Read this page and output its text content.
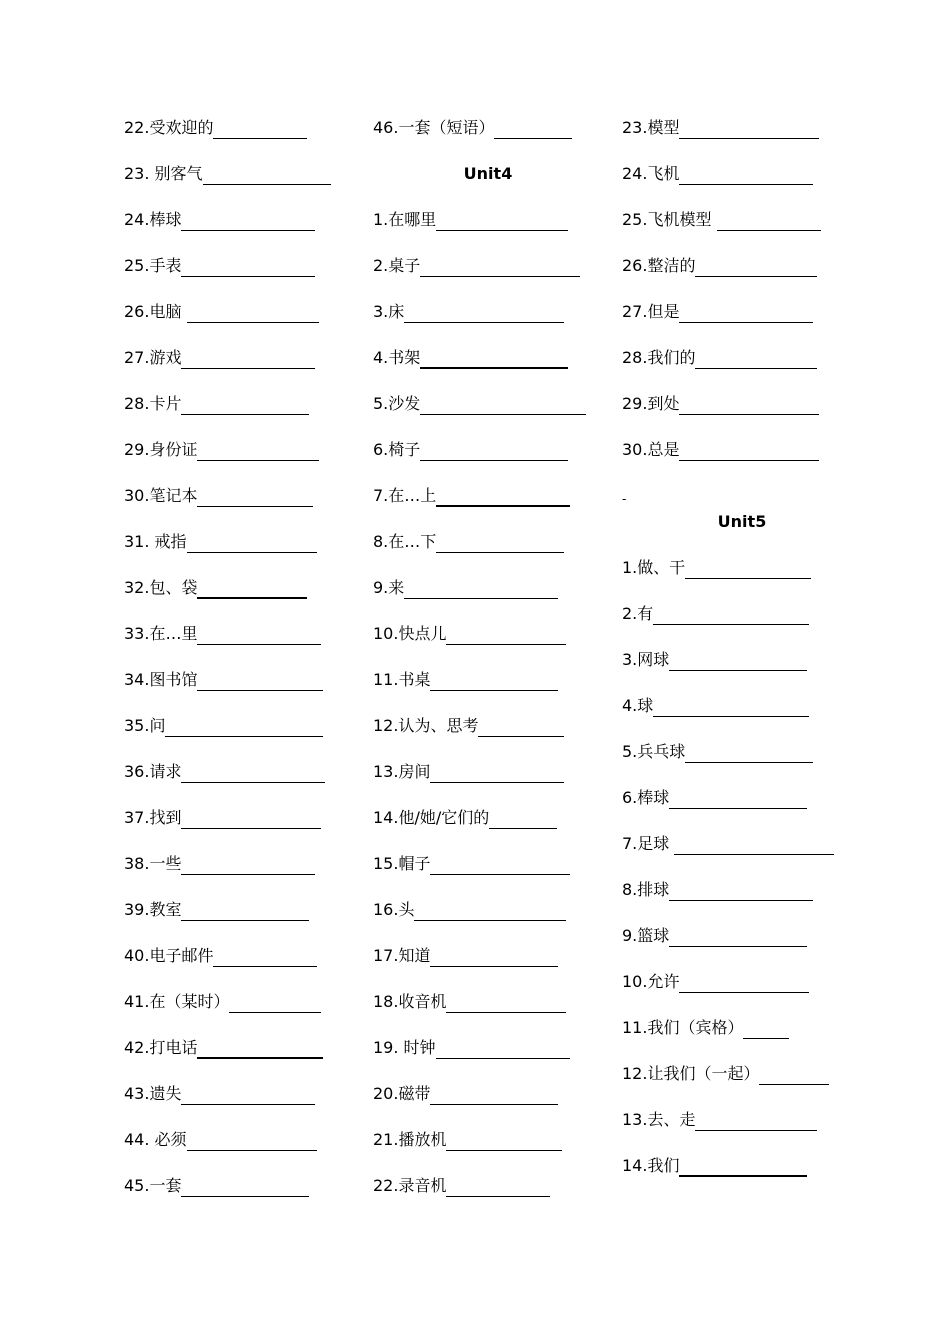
22.受欢迎的
23. 别客气
24.棒球
25.手表
26.电脑
27.游戏
28.卡片
29.身份证
30.笔记本
31. 戒指
32.包、袋
33.在…里
34.图书馆
35.问
36.请求
37.找到
38.一些
39.教室
40.电子邮件
41.在（某时）
42.打电话
43.遗失
44. 必须
45.一套
46.一套（短语）
Unit4
1.在哪里
2.桌子
3.床
4.书架
5.沙发
6.椅子
7.在…上
8.在…下
9.来
10.快点儿
11.书桌
12.认为、思考
13.房间
14.他/她/它们的
15.帽子
16.头
17.知道
18.收音机
19. 时钟
20.磁带
21.播放机
22.录音机
23.模型
24.飞机
25.飞机模型
26.整洁的
27.但是
28.我们的
29.到处
30.总是
-
Unit5
1.做、干
2.有
3.网球
4.球
5.兵乓球
6.棒球
7.足球
8.排球
9.篮球
10.允许
11.我们（宾格）
12.让我们（一起）
13.去、走
14.我们
